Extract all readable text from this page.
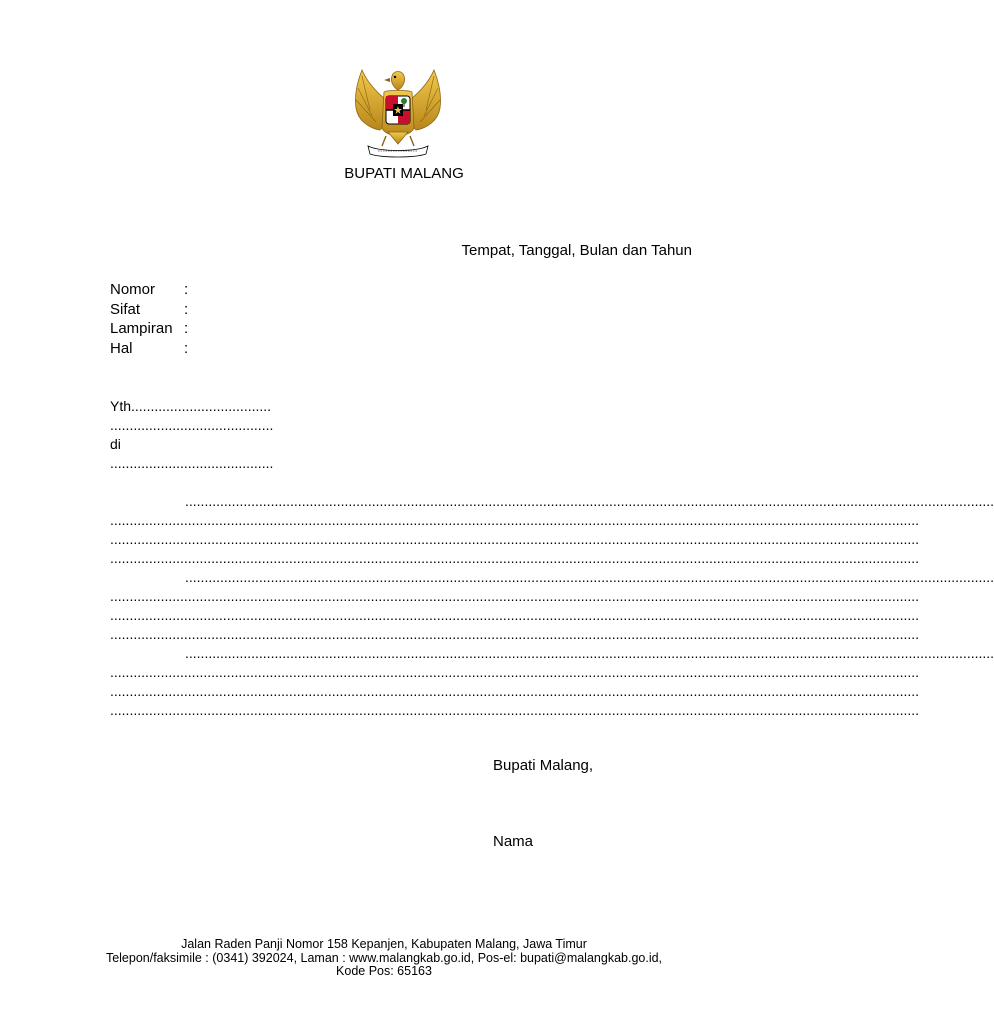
BUPATI MALANG
Tempat, Tanggal, Bulan dan Tahun
Nomor	:
Sifat	:
Lampiran :
Hal	:
Yth....................................
..........................................
di
..........................................
................................................................................................................................................................................................................
................................................................................................................................................................................................................
................................................................................................................................................................................................................
................................................................................................................................................................................................................
................................................................................................................................................................................................................
................................................................................................................................................................................................................
................................................................................................................................................................................................................
................................................................................................................................................................................................................
................................................................................................................................................................................................................
................................................................................................................................................................................................................
................................................................................................................................................................................................................
................................................................................................................................................................................................................
Bupati Malang,
Nama
Jalan Raden Panji Nomor 158 Kepanjen, Kabupaten Malang, Jawa Timur
Telepon/faksimile : (0341) 392024, Laman : www.malangkab.go.id, Pos-el: bupati@malangkab.go.id,
Kode Pos: 65163
